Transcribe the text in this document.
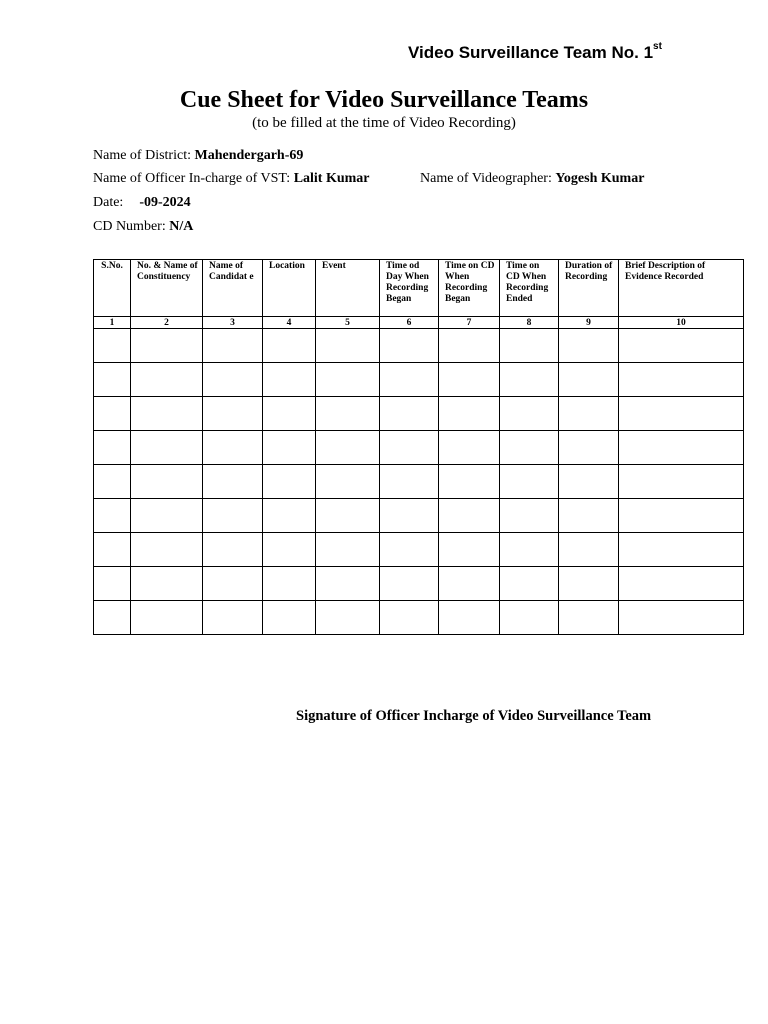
Video Surveillance Team No. 1st
Cue Sheet for Video Surveillance Teams
(to be filled at the time of Video Recording)
Name of District: Mahendergarh-69
Name of Officer In-charge of VST: Lalit Kumar	Name of Videographer: Yogesh Kumar
Date: -09-2024
CD Number: N/A
S.No.	No. & Name of Constituency	Name of Candidat e	Location	Event	Time od Day When Recording Began	Time on CD When Recording Began	Time on CD When Recording Ended	Duration of Recording	Brief Description of Evidence Recorded
1	2	3	4	5	6	7	8	9	10

Signature of Officer Incharge of Video Surveillance Team
